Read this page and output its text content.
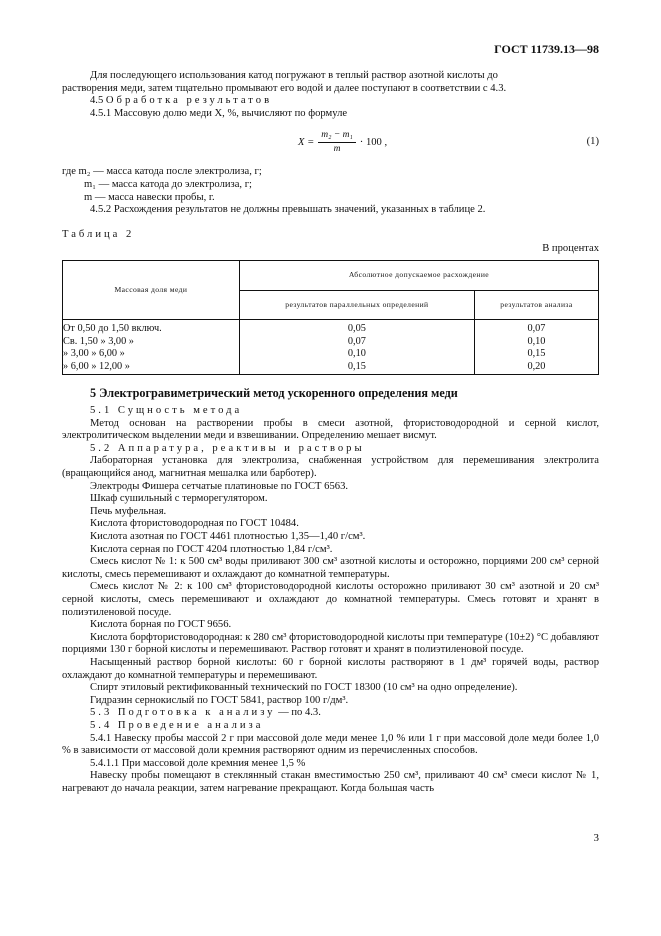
ГОСТ 11739.13—98

Для последующего использования катод погружают в теплый раствор азотной кислоты до

растворения меди, затем тщательно промывают его водой и далее поступают в соответствии с 4.3.

4.5 Обработка результатов

4.5.1 Массовую долю меди X, %, вычисляют по формуле

$X = \frac{\text{m₂ − m₁}}{m} \cdot 100$ ,	(1)
где m₂ — масса катода после электролиза, г;
m₁ — масса катода до электролиза, г;
m — масса навески пробы, г.

4.5.2 Расхождения результатов не должны превышать значений, указанных в таблице 2.

Таблица 2
В процентах
Массовая доля меди	Абсолютное допускаемое расхождение	
	результатов параллельных определений	результатов анализа
От 0,50 до 1,50 включ.	0,05	0,07
Св. 1,50 » 3,00 »	0,07	0,10
» 3,00 » 6,00 »	0,10	0,15
» 6,00 » 12,00 »	0,15	0,20
5 Электрогравиметрический метод ускоренного определения меди

5.1 Сущность метода

Метод основан на растворении пробы в смеси азотной, фтористоводородной и серной кислот, электролитическом выделении меди и взвешивании. Определению мешает висмут.

5.2 Аппаратура, реактивы и растворы

Лабораторная установка для электролиза, снабженная устройством для перемешивания электролита (вращающийся анод, магнитная мешалка или барботер).

Электроды Фишера сетчатые платиновые по ГОСТ 6563.

Шкаф сушильный с терморегулятором.

Печь муфельная.

Кислота фтористоводородная по ГОСТ 10484.

Кислота азотная по ГОСТ 4461 плотностью 1,35—1,40 г/см³.

Кислота серная по ГОСТ 4204 плотностью 1,84 г/см³.

Смесь кислот № 1: к 500 см³ воды приливают 300 см³ азотной кислоты и осторожно, порциями 200 см³ серной кислоты, смесь перемешивают и охлаждают до комнатной температуры.

Смесь кислот № 2: к 100 см³ фтористоводородной кислоты осторожно приливают 30 см³ азотной и 20 см³ серной кислоты, смесь перемешивают и охлаждают до комнатной температуры. Смесь готовят и хранят в полиэтиленовой посуде.

Кислота борная по ГОСТ 9656.

Кислота борфтористоводородная: к 280 см³ фтористоводородной кислоты при температуре (10±2) °С добавляют порциями 130 г борной кислоты и перемешивают. Раствор готовят и хранят в полиэтиленовой посуде.

Насыщенный раствор борной кислоты: 60 г борной кислоты растворяют в 1 дм³ горячей воды, раствор охлаждают до комнатной температуры и перемешивают.

Спирт этиловый ректификованный технический по ГОСТ 18300 (10 см³ на одно определение).

Гидразин сернокислый по ГОСТ 5841, раствор 100 г/дм³.

5.3 Подготовка к анализу — по 4.3.

5.4 Проведение анализа

5.4.1 Навеску пробы массой 2 г при массовой доле меди менее 1,0 % или 1 г при массовой доле меди более 1,0 % в зависимости от массовой доли кремния растворяют одним из перечисленных способов.

5.4.1.1 При массовой доле кремния менее 1,5 %

Навеску пробы помещают в стеклянный стакан вместимостью 250 см³, приливают 40 см³ смеси кислот № 1, нагревают до начала реакции, затем нагревание прекращают. Когда большая часть

3
